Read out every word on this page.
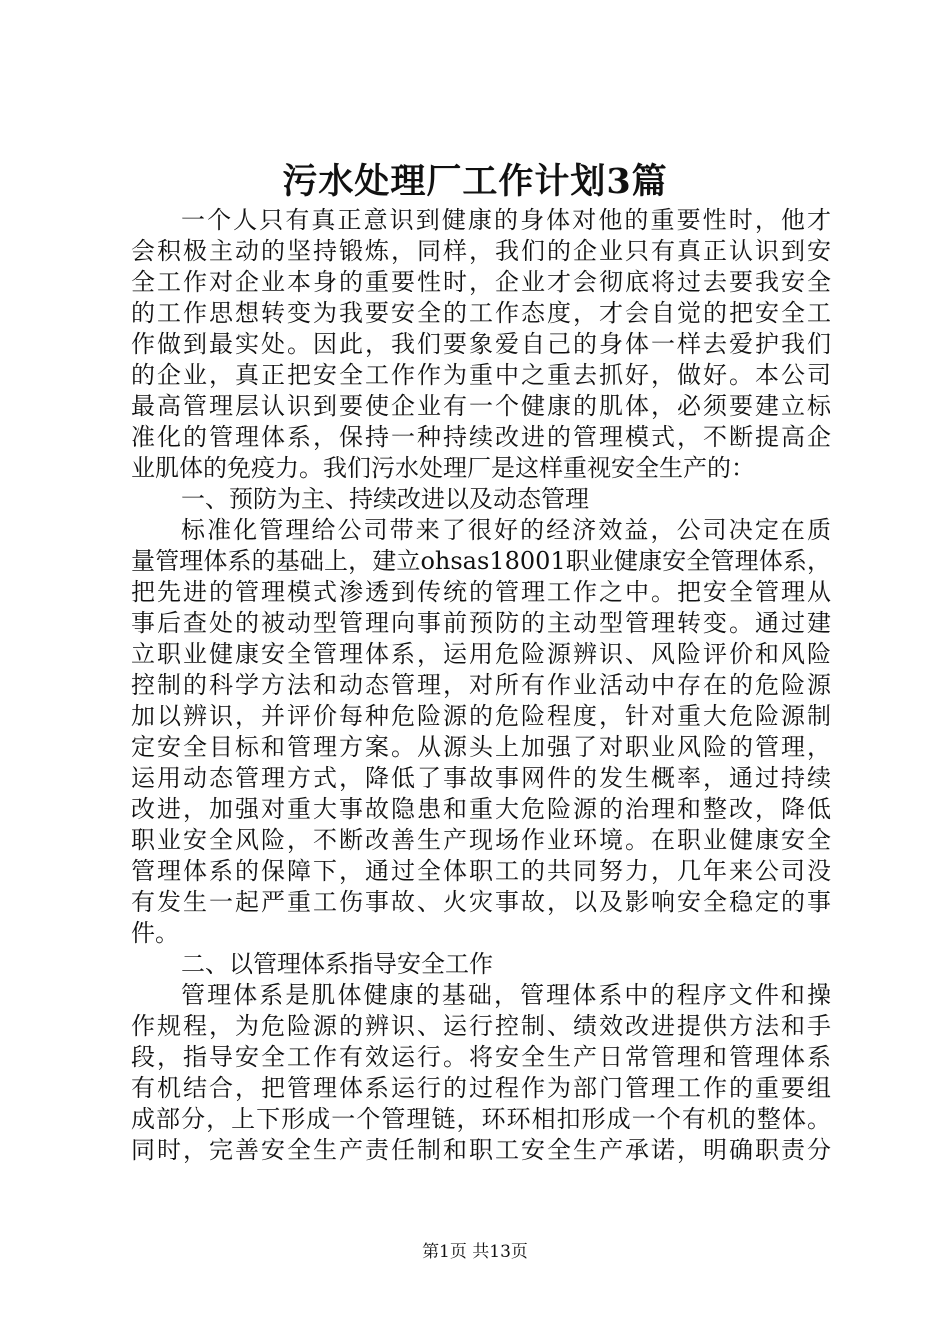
污水处理厂工作计划3篇
一个人只有真正意识到健康的身体对他的重要性时，他才
会积极主动的坚持锻炼，同样，我们的企业只有真正认识到安
全工作对企业本身的重要性时，企业才会彻底将过去要我安全
的工作思想转变为我要安全的工作态度，才会自觉的把安全工
作做到最实处。因此，我们要象爱自己的身体一样去爱护我们
的企业，真正把安全工作作为重中之重去抓好，做好。本公司
最高管理层认识到要使企业有一个健康的肌体，必须要建立标
准化的管理体系，保持一种持续改进的管理模式，不断提高企
业肌体的免疫力。我们污水处理厂是这样重视安全生产的：
一、预防为主、持续改进以及动态管理
标准化管理给公司带来了很好的经济效益，公司决定在质
量管理体系的基础上，建立ohsas18001职业健康安全管理体系，
把先进的管理模式渗透到传统的管理工作之中。把安全管理从
事后查处的被动型管理向事前预防的主动型管理转变。通过建
立职业健康安全管理体系，运用危险源辨识、风险评价和风险
控制的科学方法和动态管理，对所有作业活动中存在的危险源
加以辨识，并评价每种危险源的危险程度，针对重大危险源制
定安全目标和管理方案。从源头上加强了对职业风险的管理，
运用动态管理方式，降低了事故事网件的发生概率，通过持续
改进，加强对重大事故隐患和重大危险源的治理和整改，降低
职业安全风险，不断改善生产现场作业环境。在职业健康安全
管理体系的保障下，通过全体职工的共同努力，几年来公司没
有发生一起严重工伤事故、火灾事故，以及影响安全稳定的事
件。
二、以管理体系指导安全工作
管理体系是肌体健康的基础，管理体系中的程序文件和操
作规程，为危险源的辨识、运行控制、绩效改进提供方法和手
段，指导安全工作有效运行。将安全生产日常管理和管理体系
有机结合，把管理体系运行的过程作为部门管理工作的重要组
成部分，上下形成一个管理链，环环相扣形成一个有机的整体。
同时，完善安全生产责任制和职工安全生产承诺，明确职责分
第1页 共13页
